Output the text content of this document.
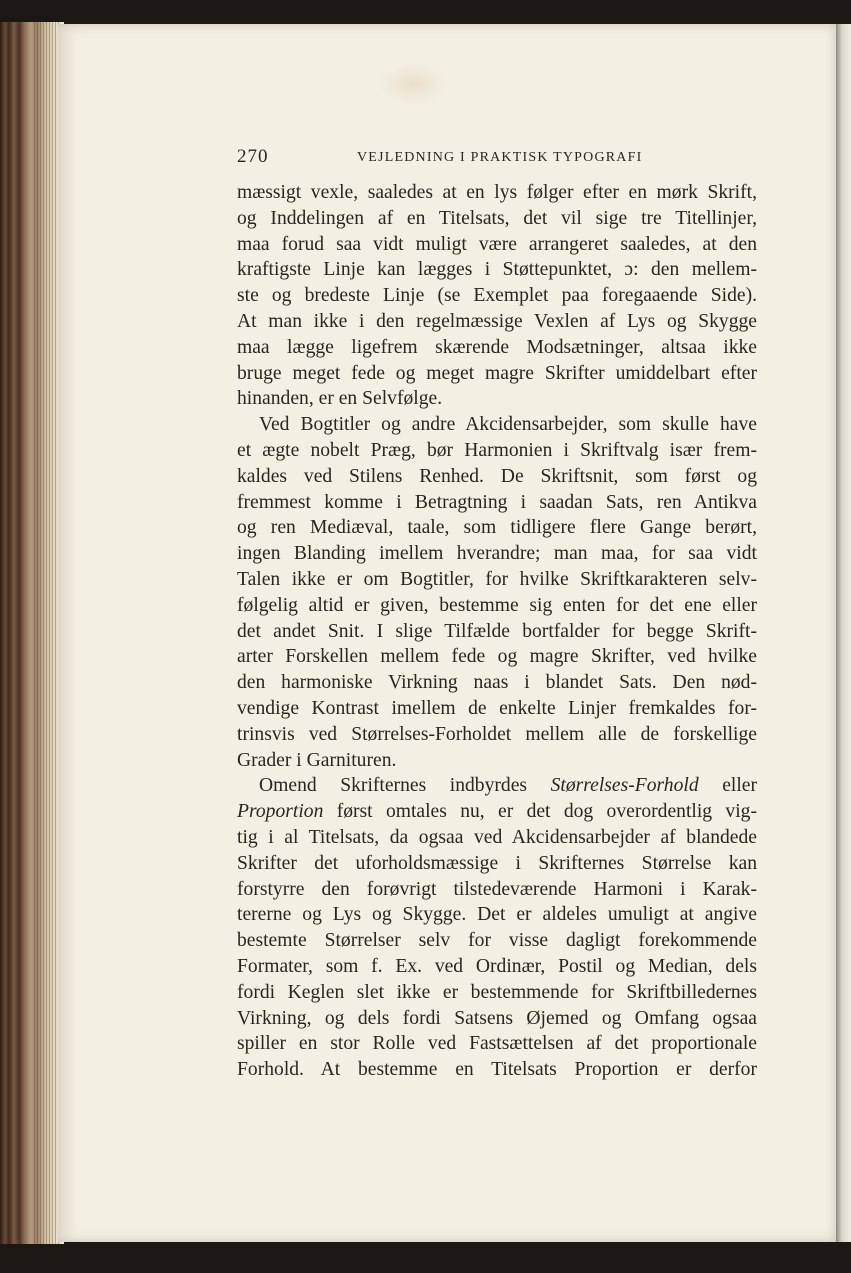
270	VEJLEDNING I PRAKTISK TYPOGRAFI
mæssigt vexle, saaledes at en lys følger efter en mørk Skrift,
og Inddelingen af en Titelsats, det vil sige tre Titellinjer,
maa forud saa vidt muligt være arrangeret saaledes, at den
kraftigste Linje kan lægges i Støttepunktet, ɔ: den mellem-
ste og bredeste Linje (se Exemplet paa foregaaende Side).
At man ikke i den regelmæssige Vexlen af Lys og Skygge
maa lægge ligefrem skærende Modsætninger, altsaa ikke
bruge meget fede og meget magre Skrifter umiddelbart efter
hinanden, er en Selvfølge.
Ved Bogtitler og andre Akcidensarbejder, som skulle have
et ægte nobelt Præg, bør Harmonien i Skriftvalg især frem-
kaldes ved Stilens Renhed. De Skriftsnit, som først og
fremmest komme i Betragtning i saadan Sats, ren Antikva
og ren Mediæval, taale, som tidligere flere Gange berørt,
ingen Blanding imellem hverandre; man maa, for saa vidt
Talen ikke er om Bogtitler, for hvilke Skriftkarakteren selv-
følgelig altid er given, bestemme sig enten for det ene eller
det andet Snit. I slige Tilfælde bortfalder for begge Skrift-
arter Forskellen mellem fede og magre Skrifter, ved hvilke
den harmoniske Virkning naas i blandet Sats. Den nød-
vendige Kontrast imellem de enkelte Linjer fremkaldes for-
trinsvis ved Størrelses-Forholdet mellem alle de forskellige
Grader i Garnituren.
Omend Skrifternes indbyrdes Størrelses-Forhold eller
Proportion først omtales nu, er det dog overordentlig vig-
tig i al Titelsats, da ogsaa ved Akcidensarbejder af blandede
Skrifter det uforholdsmæssige i Skrifternes Størrelse kan
forstyrre den forøvrigt tilstedeværende Harmoni i Karak-
tererne og Lys og Skygge. Det er aldeles umuligt at angive
bestemte Størrelser selv for visse dagligt forekommende
Formater, som f. Ex. ved Ordinær, Postil og Median, dels
fordi Keglen slet ikke er bestemmende for Skriftbilledernes
Virkning, og dels fordi Satsens Øjemed og Omfang ogsaa
spiller en stor Rolle ved Fastsættelsen af det proportionale
Forhold. At bestemme en Titelsats Proportion er derfor
